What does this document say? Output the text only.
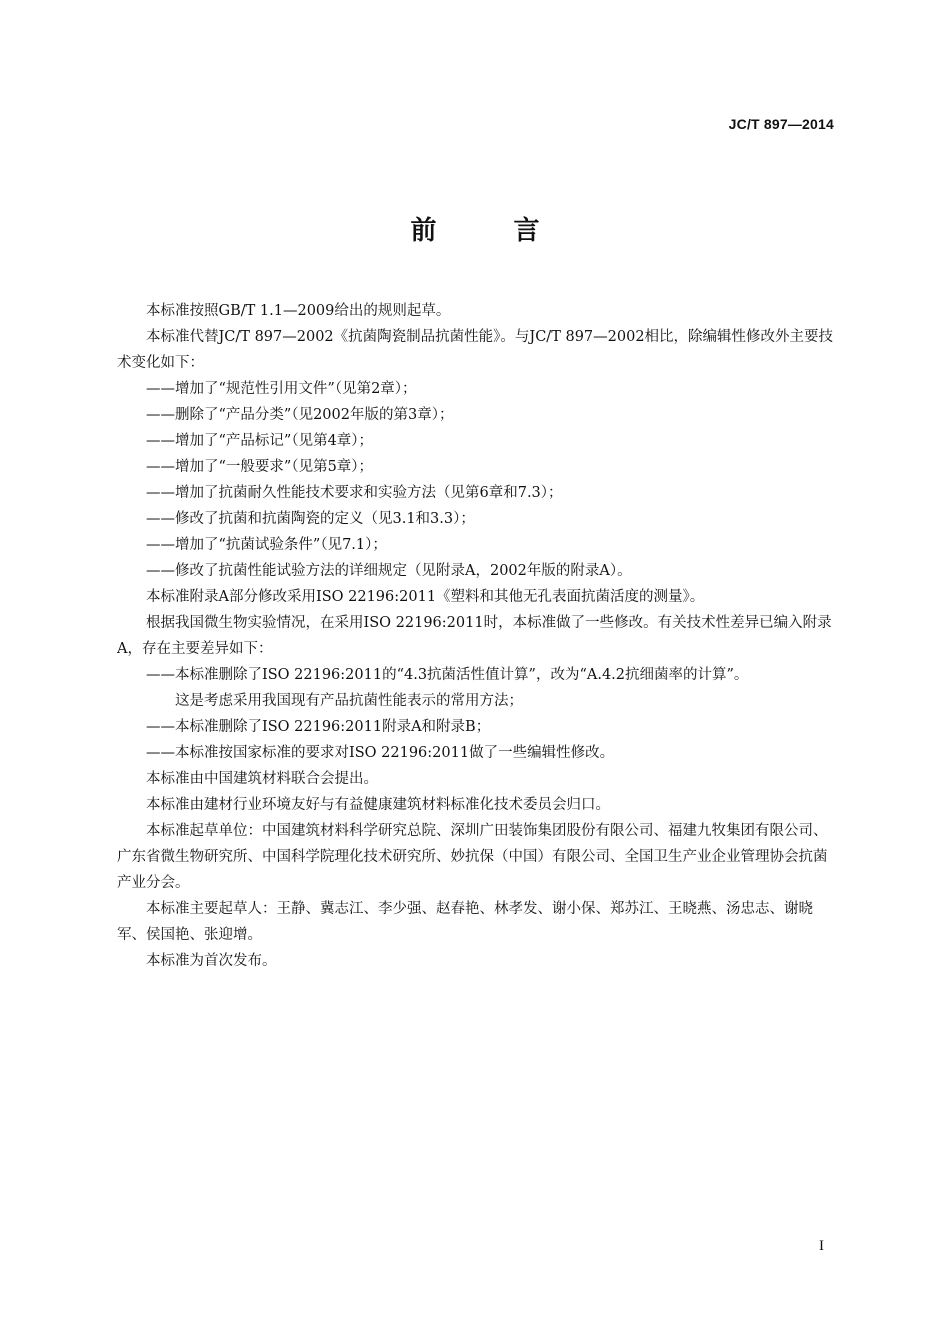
JC/T 897—2014
前 言

本标准按照GB/T 1.1—2009给出的规则起草。

本标准代替JC/T 897—2002《抗菌陶瓷制品抗菌性能》。与JC/T 897—2002相比，除编辑性修改外主要技术变化如下：

——增加了“规范性引用文件”（见第2章）；

——删除了“产品分类”（见2002年版的第3章）；

——增加了“产品标记”（见第4章）；

——增加了“一般要求”（见第5章）；

——增加了抗菌耐久性能技术要求和实验方法（见第6章和7.3）；

——修改了抗菌和抗菌陶瓷的定义（见3.1和3.3）；

——增加了“抗菌试验条件”（见7.1）；

——修改了抗菌性能试验方法的详细规定（见附录A，2002年版的附录A）。

本标准附录A部分修改采用ISO 22196:2011《塑料和其他无孔表面抗菌活度的测量》。

根据我国微生物实验情况，在采用ISO 22196:2011时，本标准做了一些修改。有关技术性差异已编入附录A，存在主要差异如下：

——本标准删除了ISO 22196:2011的“4.3抗菌活性值计算”，改为“A.4.2抗细菌率的计算”。

这是考虑采用我国现有产品抗菌性能表示的常用方法；

——本标准删除了ISO 22196:2011附录A和附录B；

——本标准按国家标准的要求对ISO 22196:2011做了一些编辑性修改。

本标准由中国建筑材料联合会提出。

本标准由建材行业环境友好与有益健康建筑材料标准化技术委员会归口。

本标准起草单位：中国建筑材料科学研究总院、深圳广田装饰集团股份有限公司、福建九牧集团有限公司、广东省微生物研究所、中国科学院理化技术研究所、妙抗保（中国）有限公司、全国卫生产业企业管理协会抗菌产业分会。

本标准主要起草人：王静、冀志江、李少强、赵春艳、林孝发、谢小保、郑苏江、王晓燕、汤忠志、谢晓军、侯国艳、张迎增。

本标准为首次发布。

I
